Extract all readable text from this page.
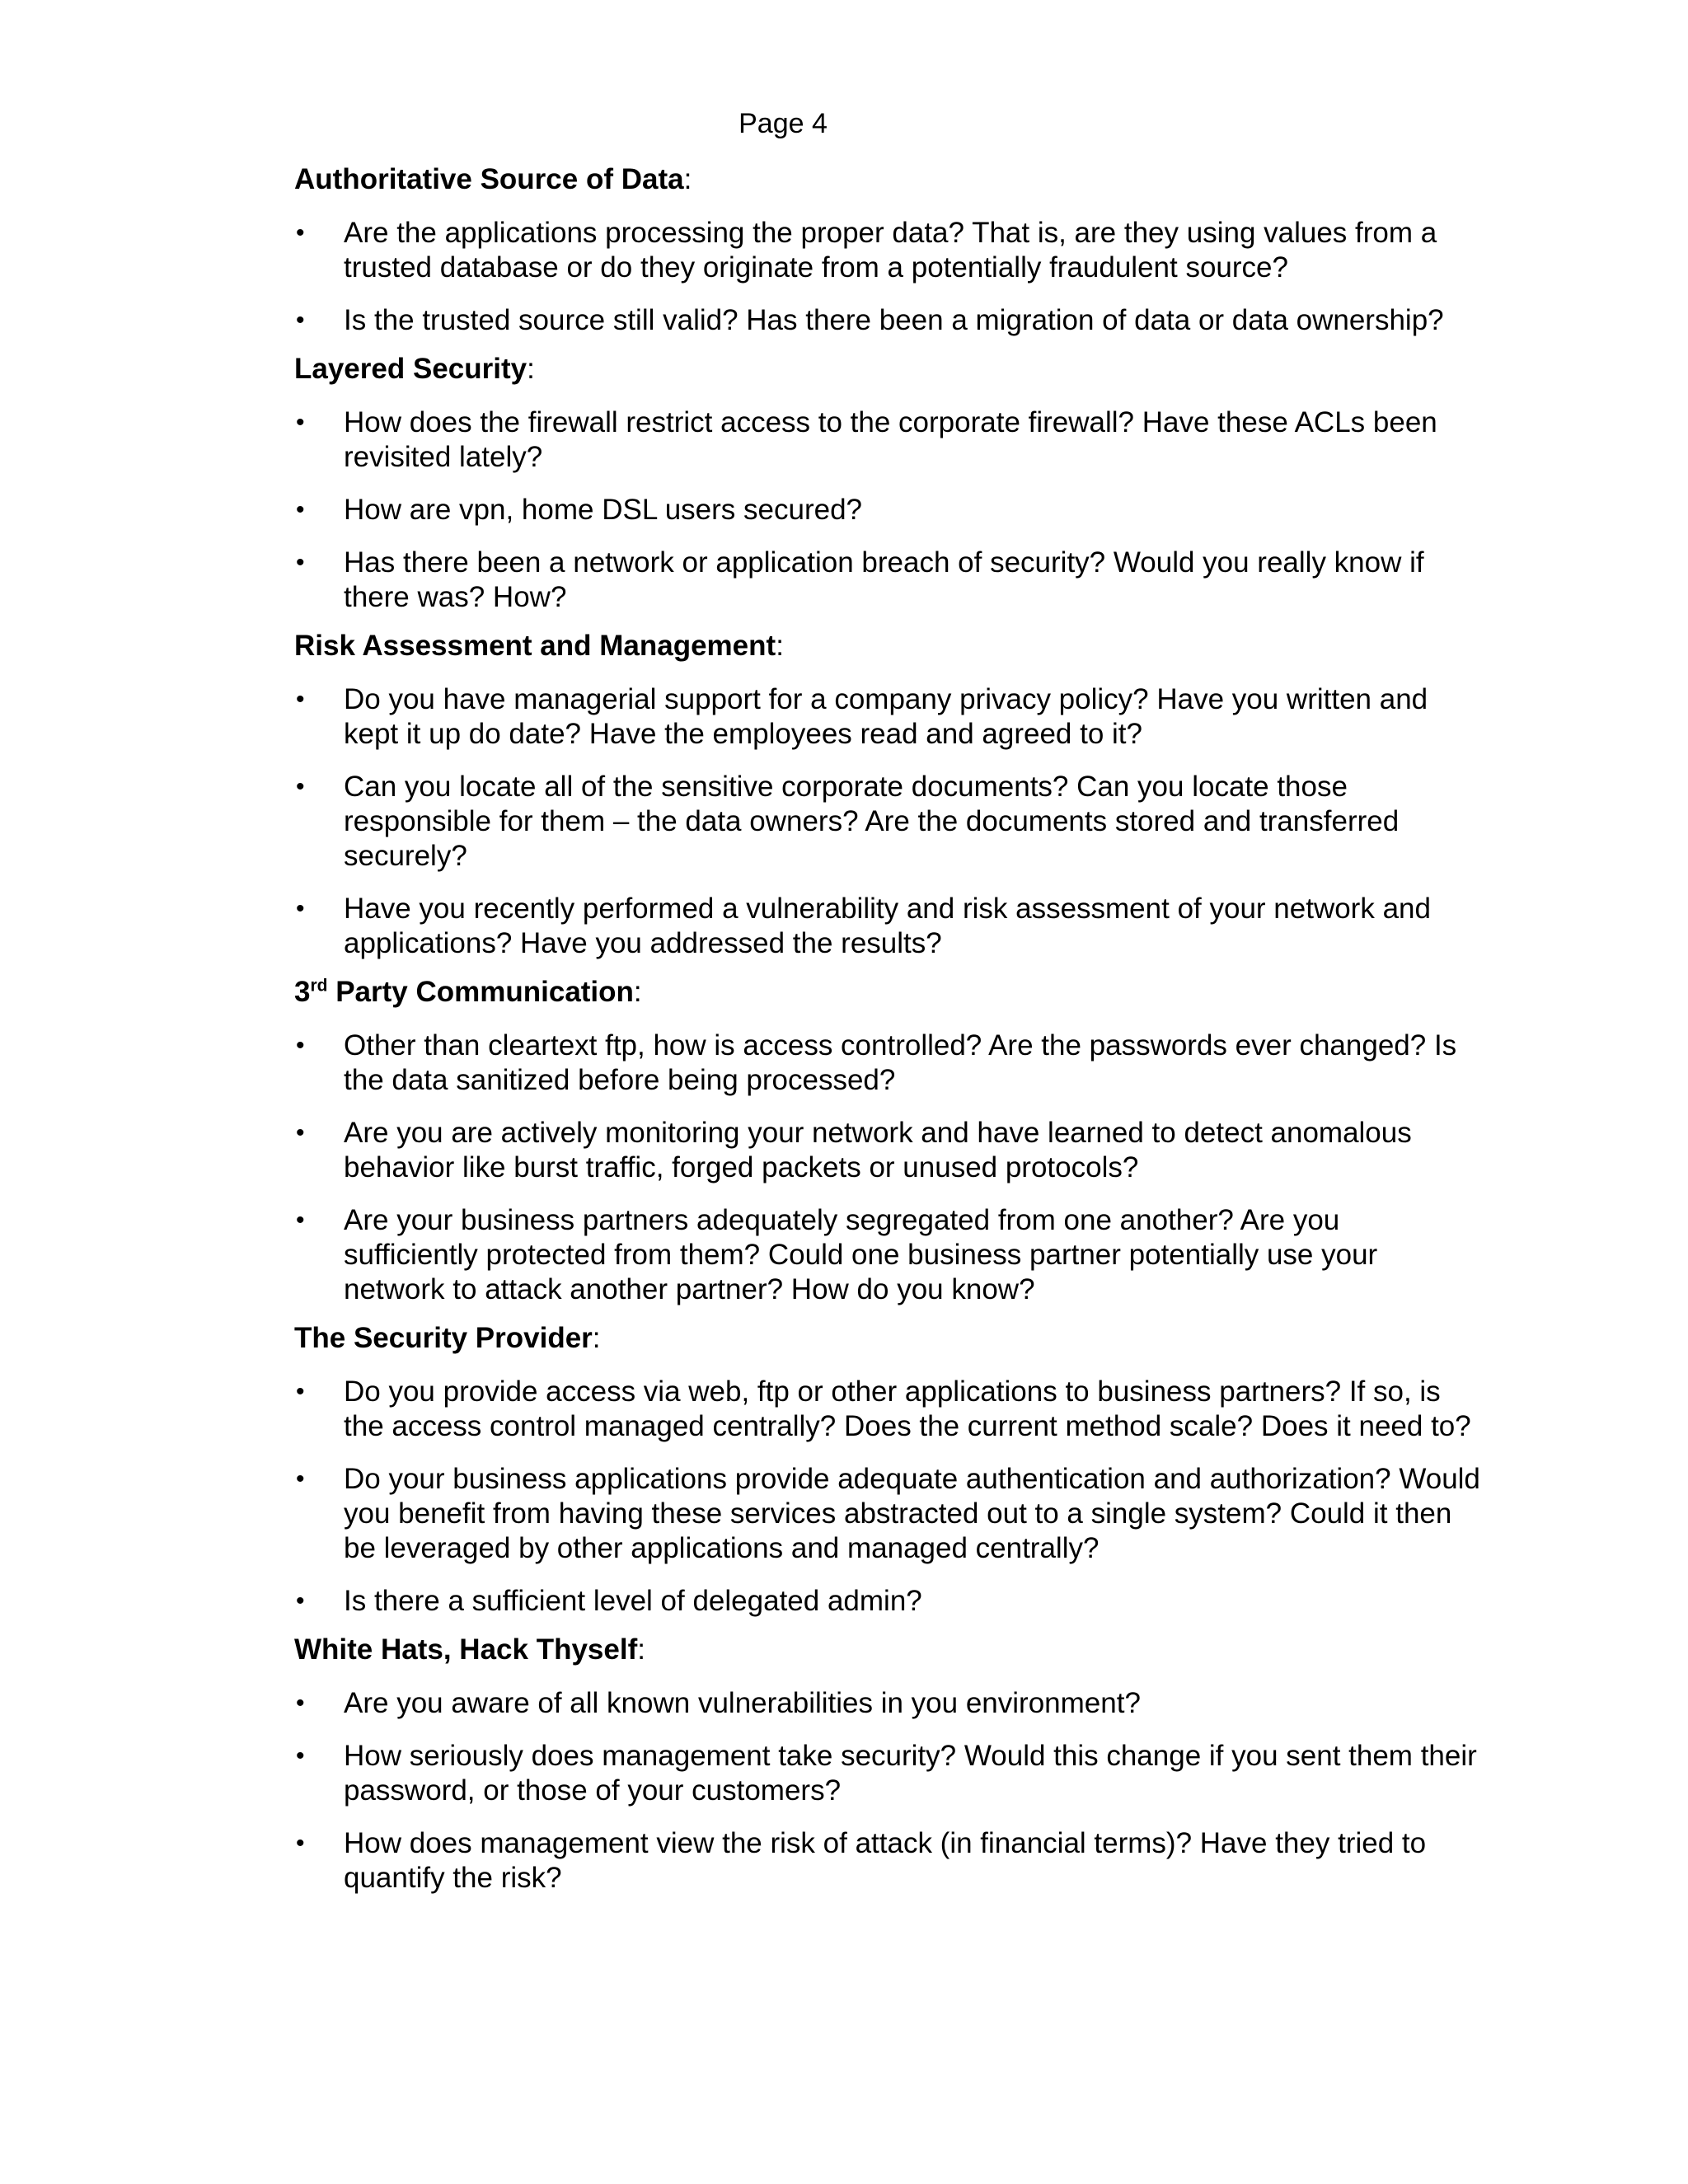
Page 4
Authoritative Source of Data:
• Are the applications processing the proper data? That is, are they using values from a trusted database or do they originate from a potentially fraudulent source?
• Is the trusted source still valid? Has there been a migration of data or data ownership?
Layered Security:
• How does the firewall restrict access to the corporate firewall? Have these ACLs been revisited lately?
• How are vpn, home DSL users secured?
• Has there been a network or application breach of security? Would you really know if there was? How?
Risk Assessment and Management:
• Do you have managerial support for a company privacy policy? Have you written and kept it up do date? Have the employees read and agreed to it?
• Can you locate all of the sensitive corporate documents? Can you locate those responsible for them – the data owners? Are the documents stored and transferred securely?
• Have you recently performed a vulnerability and risk assessment of your network and applications? Have you addressed the results?
3rd Party Communication:
• Other than cleartext ftp, how is access controlled? Are the passwords ever changed? Is the data sanitized before being processed?
• Are you are actively monitoring your network and have learned to detect anomalous behavior like burst traffic, forged packets or unused protocols?
• Are your business partners adequately segregated from one another? Are you sufficiently protected from them? Could one business partner potentially use your network to attack another partner? How do you know?
The Security Provider:
• Do you provide access via web, ftp or other applications to business partners? If so, is the access control managed centrally? Does the current method scale? Does it need to?
• Do your business applications provide adequate authentication and authorization? Would you benefit from having these services abstracted out to a single system? Could it then be leveraged by other applications and managed centrally?
• Is there a sufficient level of delegated admin?
White Hats, Hack Thyself:
• Are you aware of all known vulnerabilities in you environment?
• How seriously does management take security? Would this change if you sent them their password, or those of your customers?
• How does management view the risk of attack (in financial terms)? Have they tried to quantify the risk?
